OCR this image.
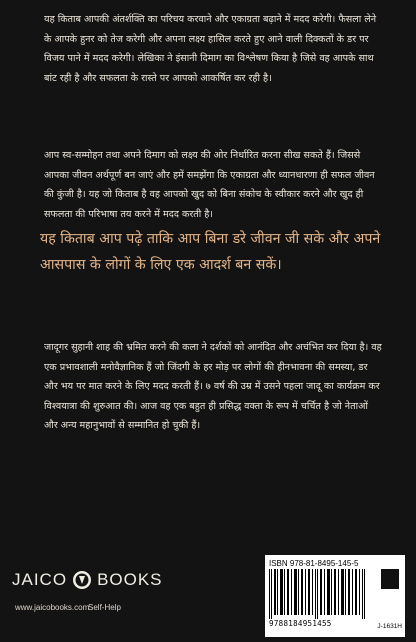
यह किताब आपकी अंतर्शक्ति का परिचय करवाने और एकाग्रता बढ़ाने में मदद करेगी। फैसला लेने के आपके हुनर को तेज करेगी और अपना लक्ष्य हासिल करते हुए आने वाली दिक्कतों के डर पर विजय पाने में मदद करेगी। लेखिका ने इंसानी दिमाग का विश्लेषण किया है जिसे वह आपके साथ बांट रही है और सफलता के रास्ते पर आपको आकर्षित कर रही है।
आप स्व-सम्मोहन तथा अपने दिमाग को लक्ष्य की ओर निर्धारित करना सीख सकते हैं। जिससे आपका जीवन अर्थपूर्ण बन जाएं और हमें समझेंगा कि एकाग्रता और ध्यानधारणा ही सफल जीवन की कुंजी है। यह जो किताब है वह आपको खुद को बिना संकोच के स्वीकार करने और खुद ही सफलता की परिभाषा तय करने में मदद करती है।
यह किताब आप पढ़े ताकि आप बिना डरे जीवन जी सके और अपने आसपास के लोगों के लिए एक आदर्श बन सकें।
जादूगर सुहानी शाह की भ्रमित करने की कला ने दर्शकों को आनंदित और अचंभित कर दिया है। वह एक प्रभावशाली मनोवैज्ञानिक हैं जो जिंदगी के हर मोड़ पर लोगों की हीनभावना की समस्या, डर और भय पर मात करने के लिए मदद करती हैं। ७ वर्ष की उम्र में उसने पहला जादू का कार्यक्रम कर विश्वयात्रा की शुरुआत की। आज वह एक बहुत ही प्रसिद्ध वक्ता के रूप में चर्चित है जो नेताओं और अन्य महानुभावों से सम्मानित हो चुकी हैं।
JAICO BOOKS
www.jaicobooks.com
Self-Help
ISBN 978-81-8495-145-5
9788184951455	J-1631H
